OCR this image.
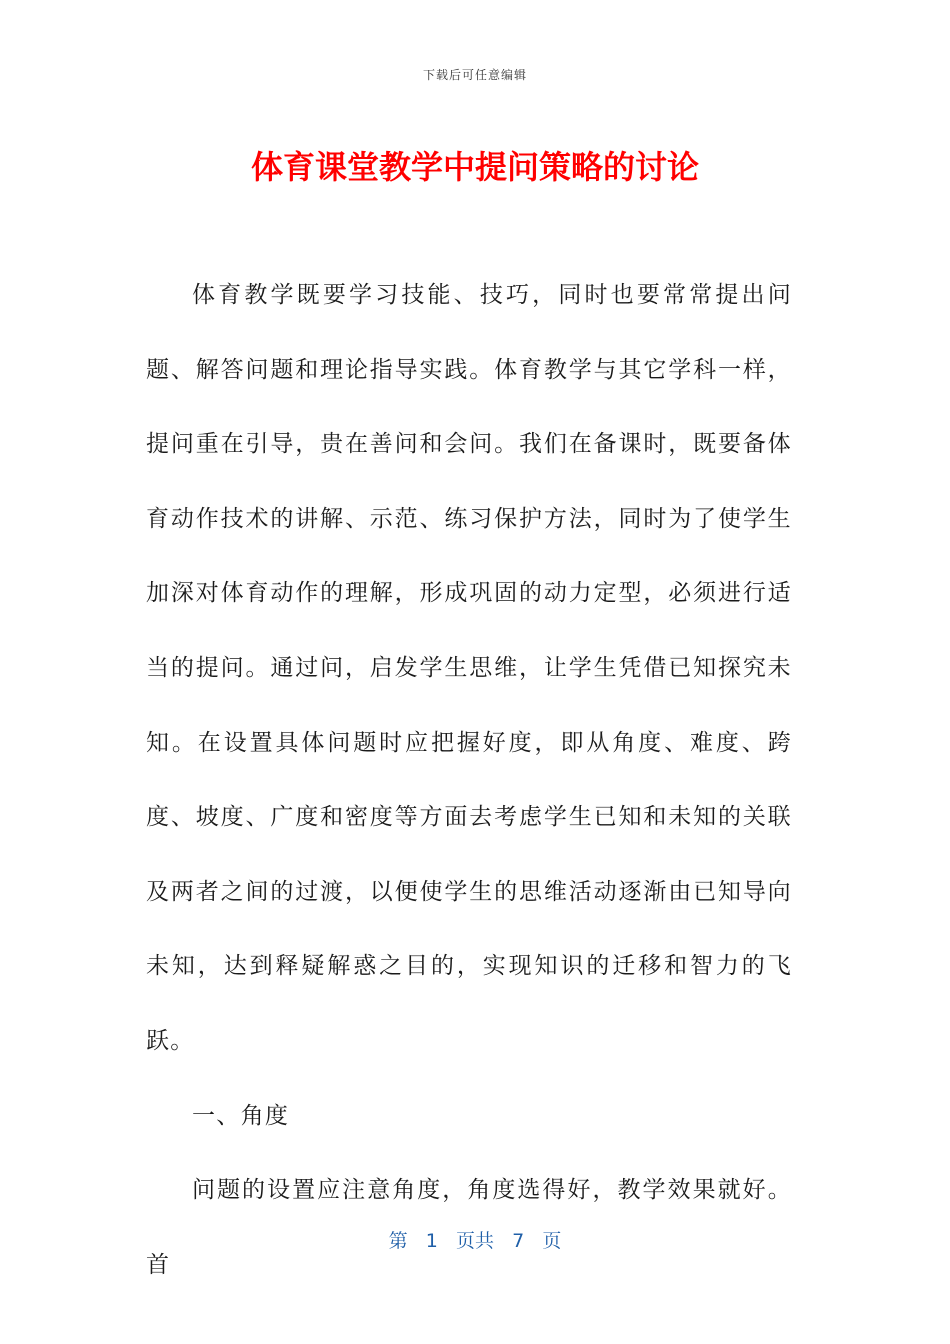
下载后可任意编辑
体育课堂教学中提问策略的讨论

体育教学既要学习技能、技巧，同时也要常常提出问题、解答问题和理论指导实践。体育教学与其它学科一样，提问重在引导，贵在善问和会问。我们在备课时，既要备体育动作技术的讲解、示范、练习保护方法，同时为了使学生加深对体育动作的理解，形成巩固的动力定型，必须进行适当的提问。通过问，启发学生思维，让学生凭借已知探究未知。在设置具体问题时应把握好度，即从角度、难度、跨度、坡度、广度和密度等方面去考虑学生已知和未知的关联及两者之间的过渡，以便使学生的思维活动逐渐由已知导向未知，达到释疑解惑之目的，实现知识的迁移和智力的飞跃。

一、角度

问题的设置应注意角度，角度选得好，教学效果就好。首

第 1 页共 7 页
